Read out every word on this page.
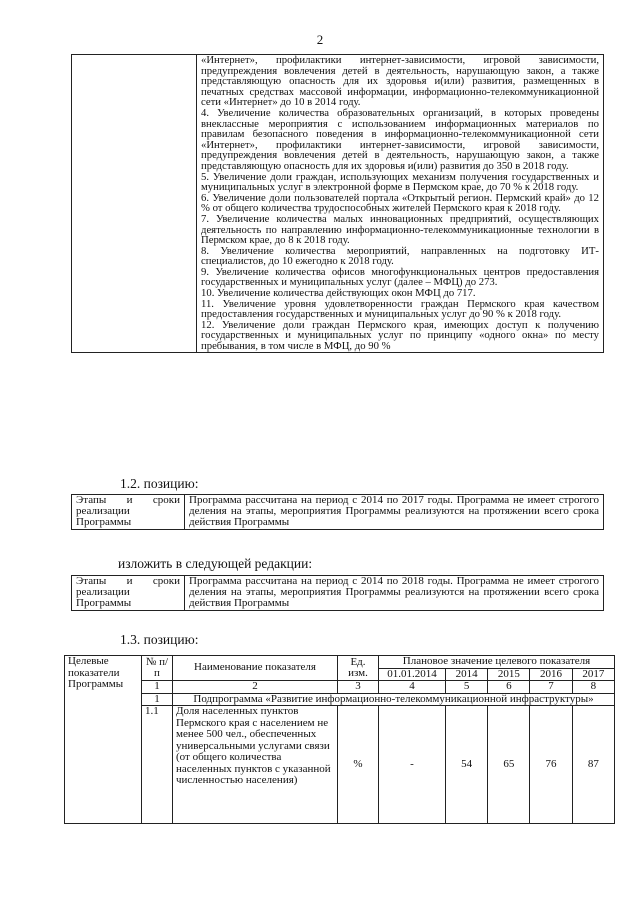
2

«Интернет», профилактики интернет-зависимости, игровой зависимости, предупреждения вовлечения детей в деятельность, нарушающую закон, а также представляющую опасность для их здоровья и(или) развития, размещенных в печатных средствах массовой информации, информационно-телекоммуникационной сети «Интернет» до 10 в 2014 году.

4. Увеличение количества образовательных организаций, в которых проведены внеклассные мероприятия с использованием информационных материалов по правилам безопасного поведения в информационно-телекоммуникационной сети «Интернет», профилактики интернет-зависимости, игровой зависимости, предупреждения вовлечения детей в деятельность, нарушающую закон, а также представляющую опасность для их здоровья и(или) развития до 350 в 2018 году.

5. Увеличение доли граждан, использующих механизм получения государственных и муниципальных услуг в электронной форме в Пермском крае, до 70 % к 2018 году.

6. Увеличение доли пользователей портала «Открытый регион. Пермский край» до 12 % от общего количества трудоспособных жителей Пермского края к 2018 году.

7. Увеличение количества малых инновационных предприятий, осуществляющих деятельность по направлению информационно-телекоммуникационные технологии в Пермском крае, до 8 к 2018 году.

8. Увеличение количества мероприятий, направленных на подготовку ИТ-специалистов, до 10 ежегодно к 2018 году.

9. Увеличение количества офисов многофункциональных центров предоставления государственных и муниципальных услуг (далее – МФЦ) до 273.

10. Увеличение количества действующих окон МФЦ до 717.

11. Увеличение уровня удовлетворенности граждан Пермского края качеством предоставления государственных и муниципальных услуг до 90 % к 2018 году.

12. Увеличение доли граждан Пермского края, имеющих доступ к получению государственных и муниципальных услуг по принципу «одного окна» по месту пребывания, в том числе в МФЦ, до 90 %

1.2. позицию:
Этапы и сроки реализации Программы	Программа рассчитана на период с 2014 по 2017 годы. Программа не имеет строгого деления на этапы, мероприятия Программы реализуются на протяжении всего срока действия Программы
изложить в следующей редакции:
Этапы и сроки реализации Программы	Программа рассчитана на период с 2014 по 2018 годы. Программа не имеет строгого деления на этапы, мероприятия Программы реализуются на протяжении всего срока действия Программы
1.3. позицию:
Целевые показатели Программы	№ п/п	Наименование показателя	Ед. изм.	Плановое значение целевого показателя				
				01.01.2014	2014	2015	2016	2017
	1	2	3	4	5	6	7	8
	1	Подпрограмма «Развитие информационно-телекоммуникационной инфраструктуры»						
	1.1	Доля населенных пунктов Пермского края с населением не менее 500 чел., обеспеченных универсальными услугами связи (от общего количества населенных пунктов с указанной численностью населения)	%	-	54	65	76	87
